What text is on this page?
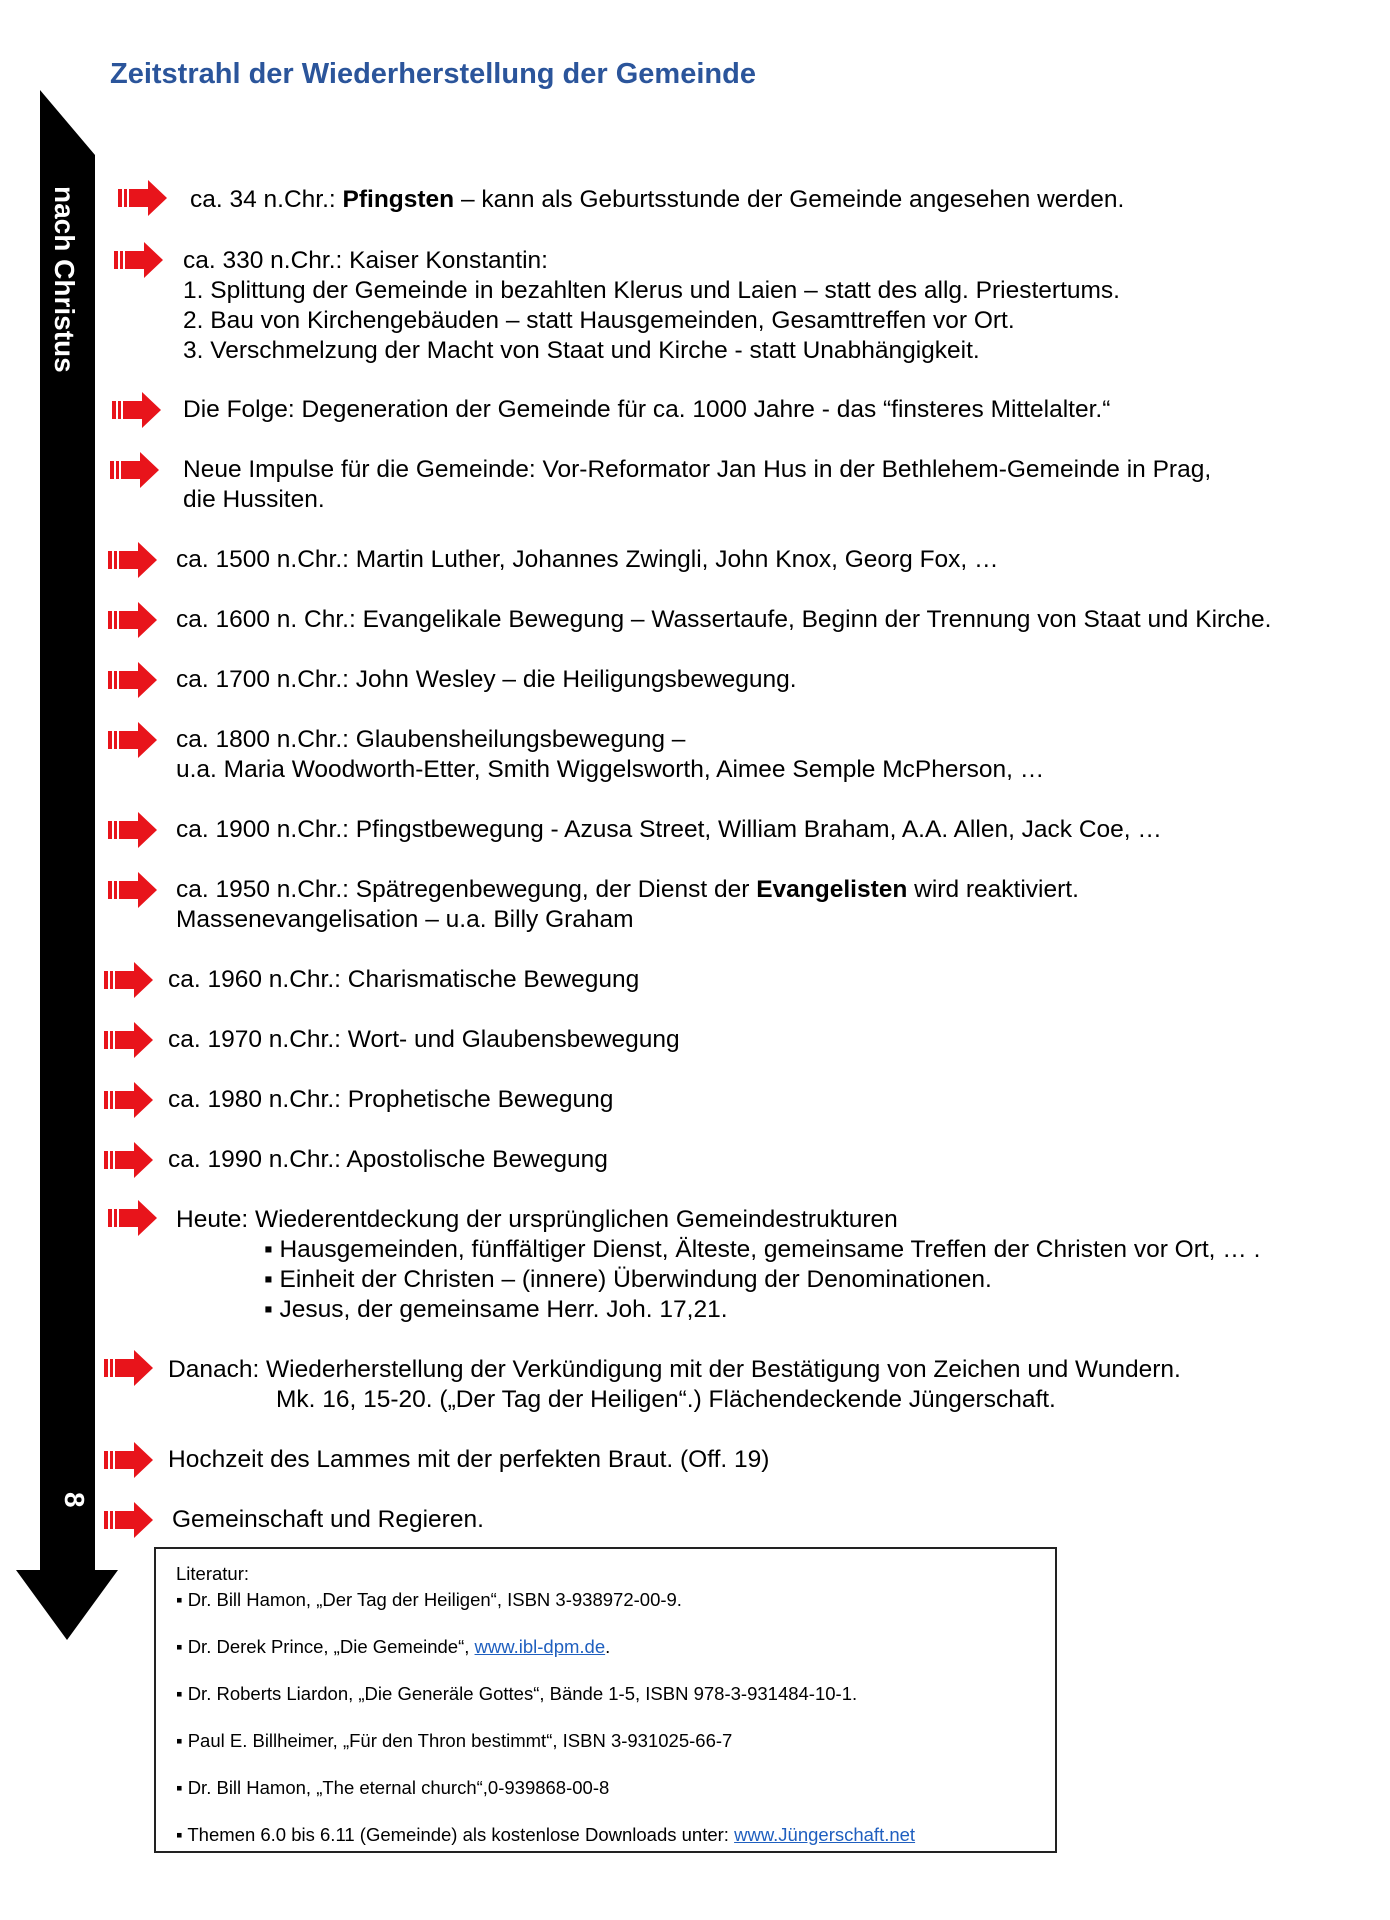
Zeitstrahl der Wiederherstellung der Gemeinde
nach Christus
8
ca. 34 n.Chr.: Pfingsten – kann als Geburtsstunde der Gemeinde angesehen werden.
ca. 330 n.Chr.: Kaiser Konstantin:
1. Splittung der Gemeinde in bezahlten Klerus und Laien – statt des allg. Priestertums.
2. Bau von Kirchengebäuden – statt Hausgemeinden, Gesamttreffen vor Ort.
3. Verschmelzung der Macht von Staat und Kirche - statt Unabhängigkeit.
Die Folge: Degeneration der Gemeinde für ca. 1000 Jahre - das “finsteres Mittelalter.“
Neue Impulse für die Gemeinde: Vor-Reformator Jan Hus in der Bethlehem-Gemeinde in Prag,
die Hussiten.
ca. 1500 n.Chr.: Martin Luther, Johannes Zwingli, John Knox, Georg Fox, …
ca. 1600 n. Chr.: Evangelikale Bewegung – Wassertaufe, Beginn der Trennung von Staat und Kirche.
ca. 1700 n.Chr.: John Wesley – die Heiligungsbewegung.
ca. 1800 n.Chr.: Glaubensheilungsbewegung –
u.a. Maria Woodworth-Etter, Smith Wiggelsworth, Aimee Semple McPherson, …
ca. 1900 n.Chr.: Pfingstbewegung - Azusa Street, William Braham, A.A. Allen, Jack Coe, …
ca. 1950 n.Chr.: Spätregenbewegung, der Dienst der Evangelisten wird reaktiviert.
Massenevangelisation – u.a. Billy Graham
ca. 1960 n.Chr.: Charismatische Bewegung
ca. 1970 n.Chr.: Wort- und Glaubensbewegung
ca. 1980 n.Chr.: Prophetische Bewegung
ca. 1990 n.Chr.: Apostolische Bewegung
Heute: Wiederentdeckung der ursprünglichen Gemeindestrukturen
▪ Hausgemeinden, fünffältiger Dienst, Älteste, gemeinsame Treffen der Christen vor Ort, … .
▪ Einheit der Christen – (innere) Überwindung der Denominationen.
▪ Jesus, der gemeinsame Herr. Joh. 17,21.
Danach: Wiederherstellung der Verkündigung mit der Bestätigung von Zeichen und Wundern.
Mk. 16, 15-20. („Der Tag der Heiligen“.) Flächendeckende Jüngerschaft.
Hochzeit des Lammes mit der perfekten Braut. (Off. 19)
Gemeinschaft und Regieren.
Literatur:
▪ Dr. Bill Hamon, „Der Tag der Heiligen“, ISBN 3-938972-00-9.
▪ Dr. Derek Prince, „Die Gemeinde“, www.ibl-dpm.de.
▪ Dr. Roberts Liardon, „Die Generäle Gottes“, Bände 1-5, ISBN 978-3-931484-10-1.
▪ Paul E. Billheimer, „Für den Thron bestimmt“, ISBN 3-931025-66-7
▪ Dr. Bill Hamon, „The eternal church“,0-939868-00-8
▪ Themen 6.0 bis 6.11 (Gemeinde) als kostenlose Downloads unter: www.Jüngerschaft.net
